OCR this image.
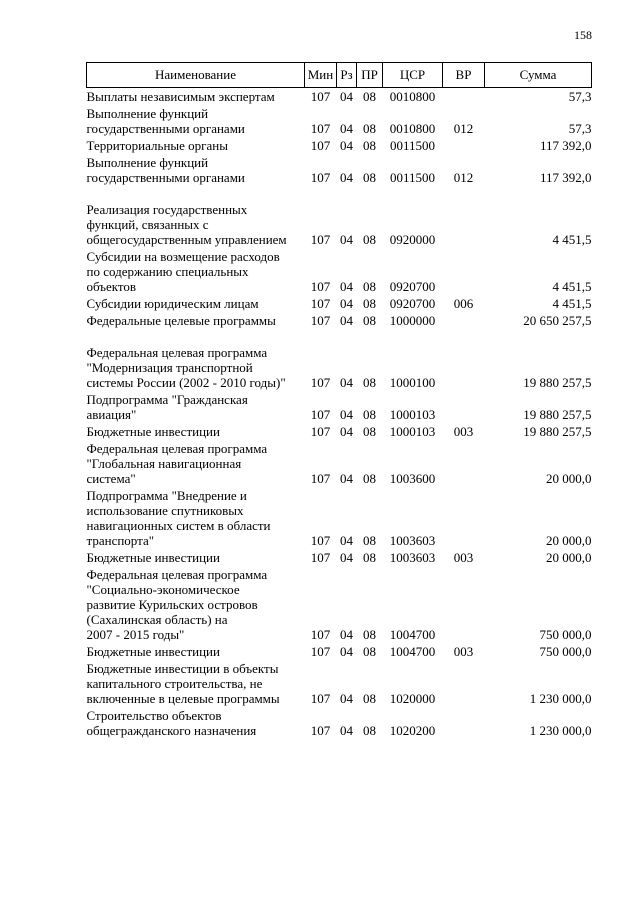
158
Наименование	Мин	Рз	ПР	ЦСР	ВР	Сумма

Выплаты независимым экспертам	107	04	08	0010800		57,3

Выполнение функций
государственными органами	107	04	08	0010800	012	57,3

Территориальные органы	107	04	08	0011500		117 392,0

Выполнение функций
государственными органами	107	04	08	0011500	012	117 392,0

Реализация государственных
функций, связанных с
общегосударственным управлением	107	04	08	0920000		4 451,5

Субсидии на возмещение расходов
по содержанию специальных
объектов	107	04	08	0920700		4 451,5

Субсидии юридическим лицам	107	04	08	0920700	006	4 451,5

Федеральные целевые программы	107	04	08	1000000		20 650 257,5

Федеральная целевая программа
"Модернизация транспортной
системы России (2002 - 2010 годы)"	107	04	08	1000100		19 880 257,5

Подпрограмма "Гражданская
авиация"	107	04	08	1000103		19 880 257,5

Бюджетные инвестиции	107	04	08	1000103	003	19 880 257,5

Федеральная целевая программа
"Глобальная навигационная
система"	107	04	08	1003600		20 000,0

Подпрограмма "Внедрение и
использование спутниковых
навигационных систем в области
транспорта"	107	04	08	1003603		20 000,0

Бюджетные инвестиции	107	04	08	1003603	003	20 000,0

Федеральная целевая программа
"Социально-экономическое
развитие Курильских островов
(Сахалинская область) на
2007 - 2015 годы"	107	04	08	1004700		750 000,0

Бюджетные инвестиции	107	04	08	1004700	003	750 000,0

Бюджетные инвестиции в объекты
капитального строительства, не
включенные в целевые программы	107	04	08	1020000		1 230 000,0

Строительство объектов
общегражданского назначения	107	04	08	1020200		1 230 000,0
